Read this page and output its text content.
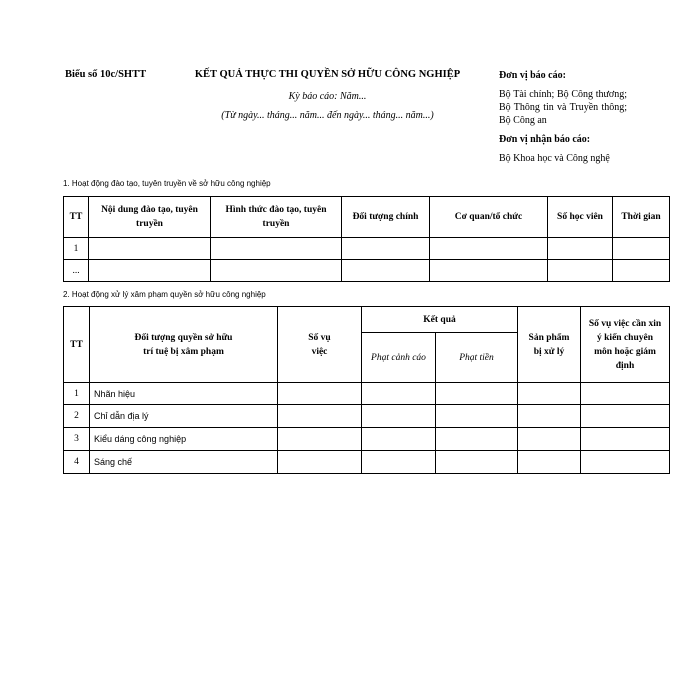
Biểu số 10c/SHTT	KẾT QUẢ THỰC THI QUYỀN SỞ HỮU CÔNG NGHIỆP
Kỳ báo cáo: Năm...
(Từ ngày... tháng... năm... đến ngày... tháng... năm...)
Đơn vị báo cáo:
Bộ Tài chính; Bộ Công thương; Bộ Thông tin và Truyền thông; Bộ Công an
Đơn vị nhận báo cáo:
Bộ Khoa học và Công nghệ
1. Hoạt động đào tạo, tuyên truyền về sở hữu công nghiệp
TT	Nội dung đào tạo, tuyên truyền	Hình thức đào tạo, tuyên truyền	Đối tượng chính	Cơ quan/tổ chức	Số học viên	Thời gian
1						
...						
2. Hoạt động xử lý xâm phạm quyền sở hữu công nghiệp
TT	Đối tượng quyền sở hữu trí tuệ bị xâm phạm	Số vụ việc	Kết quả		Sản phẩm bị xử lý	Số vụ việc cần xin ý kiến chuyên môn hoặc giám định
			Phạt cảnh cáo	Phạt tiền		
1	Nhãn hiệu					
2	Chỉ dẫn địa lý					
3	Kiểu dáng công nghiệp					
4	Sáng chế					
